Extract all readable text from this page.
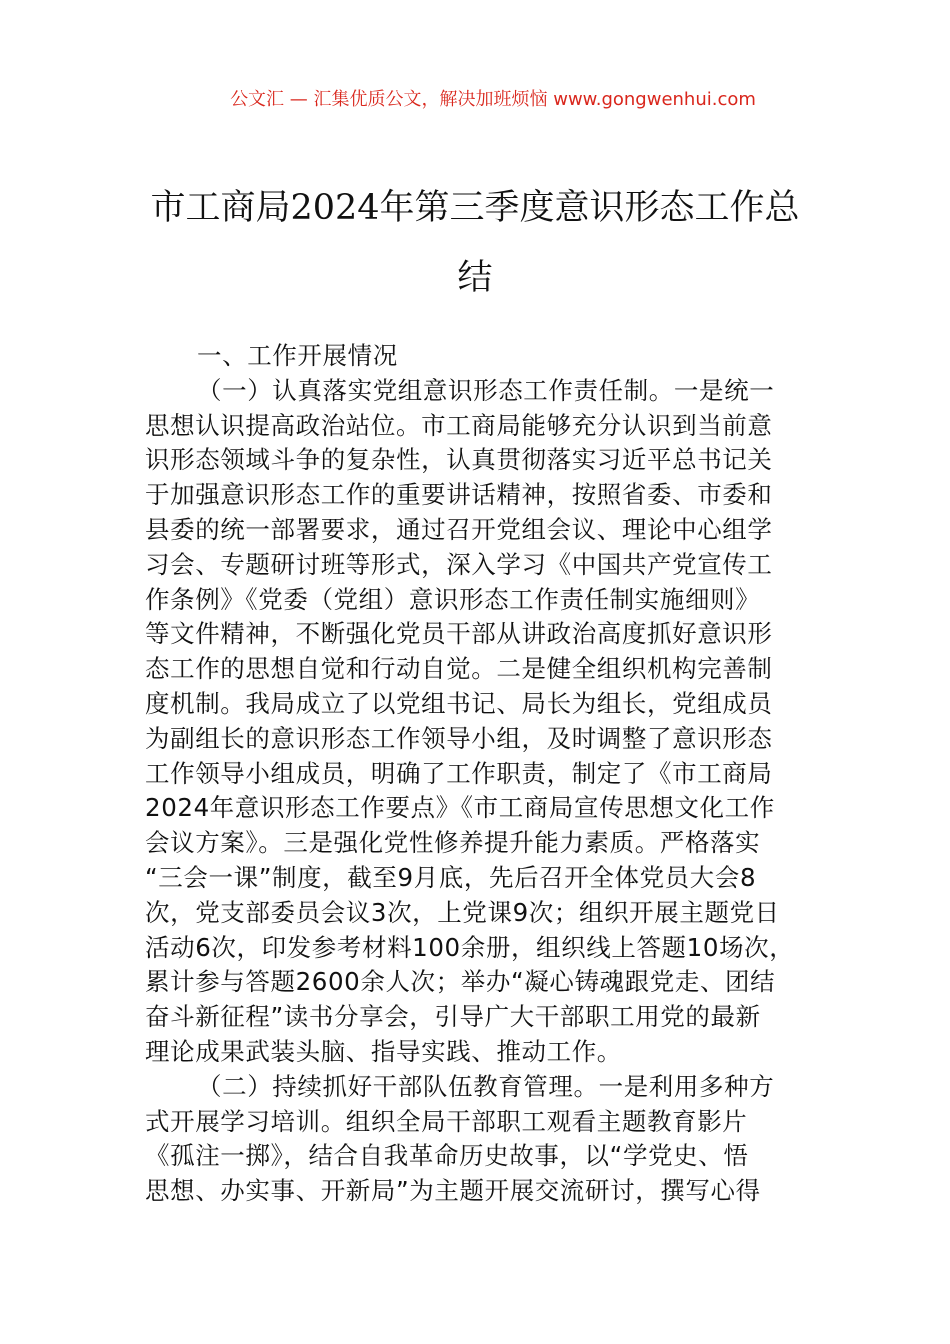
公文汇 — 汇集优质公文，解决加班烦恼 www.gongwenhui.com
市工商局2024年第三季度意识形态工作总
结
一、工作开展情况
（一）认真落实党组意识形态工作责任制。一是统一
思想认识提高政治站位。市工商局能够充分认识到当前意
识形态领域斗争的复杂性，认真贯彻落实习近平总书记关
于加强意识形态工作的重要讲话精神，按照省委、市委和
县委的统一部署要求，通过召开党组会议、理论中心组学
习会、专题研讨班等形式，深入学习《中国共产党宣传工
作条例》《党委（党组）意识形态工作责任制实施细则》
等文件精神，不断强化党员干部从讲政治高度抓好意识形
态工作的思想自觉和行动自觉。二是健全组织机构完善制
度机制。我局成立了以党组书记、局长为组长，党组成员
为副组长的意识形态工作领导小组，及时调整了意识形态
工作领导小组成员，明确了工作职责，制定了《市工商局
2024年意识形态工作要点》《市工商局宣传思想文化工作
会议方案》。三是强化党性修养提升能力素质。严格落实
“三会一课”制度，截至9月底，先后召开全体党员大会8
次，党支部委员会议3次，上党课9次；组织开展主题党日
活动6次，印发参考材料100余册，组织线上答题10场次，
累计参与答题2600余人次；举办“凝心铸魂跟党走、团结
奋斗新征程”读书分享会，引导广大干部职工用党的最新
理论成果武装头脑、指导实践、推动工作。
（二）持续抓好干部队伍教育管理。一是利用多种方
式开展学习培训。组织全局干部职工观看主题教育影片
《孤注一掷》，结合自我革命历史故事，以“学党史、悟
思想、办实事、开新局”为主题开展交流研讨，撰写心得
